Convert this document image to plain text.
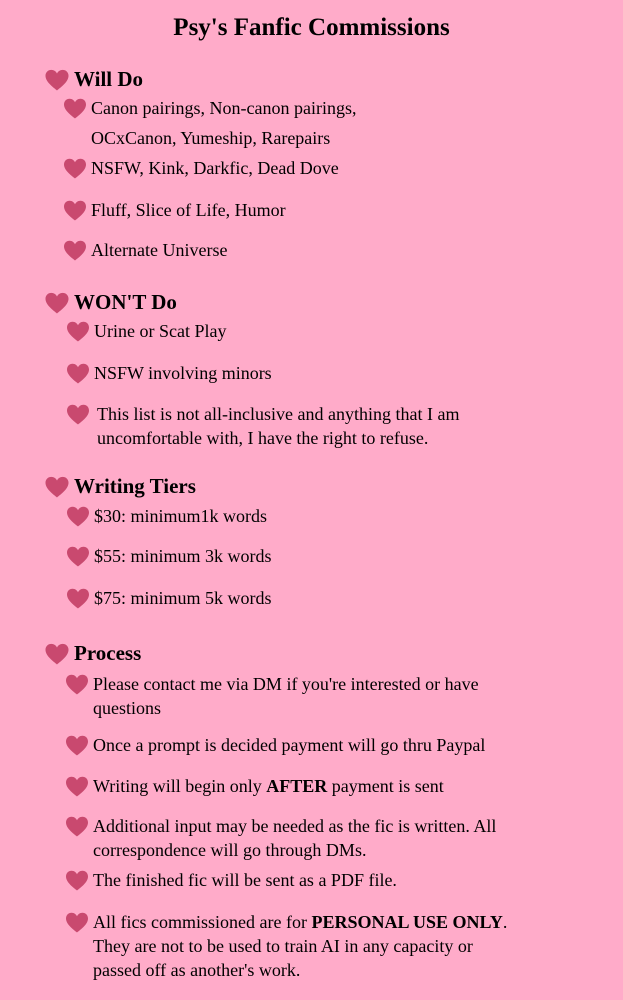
Psy's Fanfic Commissions
Will Do
Canon pairings, Non-canon pairings,
OCxCanon, Yumeship, Rarepairs
NSFW, Kink, Darkfic, Dead Dove
Fluff, Slice of Life, Humor
Alternate Universe
WON'T Do
Urine or Scat Play
NSFW involving minors
This list is not all-inclusive and anything that I am
uncomfortable with, I have the right to refuse.
Writing Tiers
$30: minimum1k words
$55: minimum 3k words
$75: minimum 5k words
Process
Please contact me via DM if you're interested or have
questions
Once a prompt is decided payment will go thru Paypal
Writing will begin only AFTER payment is sent
Additional input may be needed as the fic is written. All
correspondence will go through DMs.
The finished fic will be sent as a PDF file.
All fics commissioned are for PERSONAL USE ONLY.
They are not to be used to train AI in any capacity or
passed off as another's work.
